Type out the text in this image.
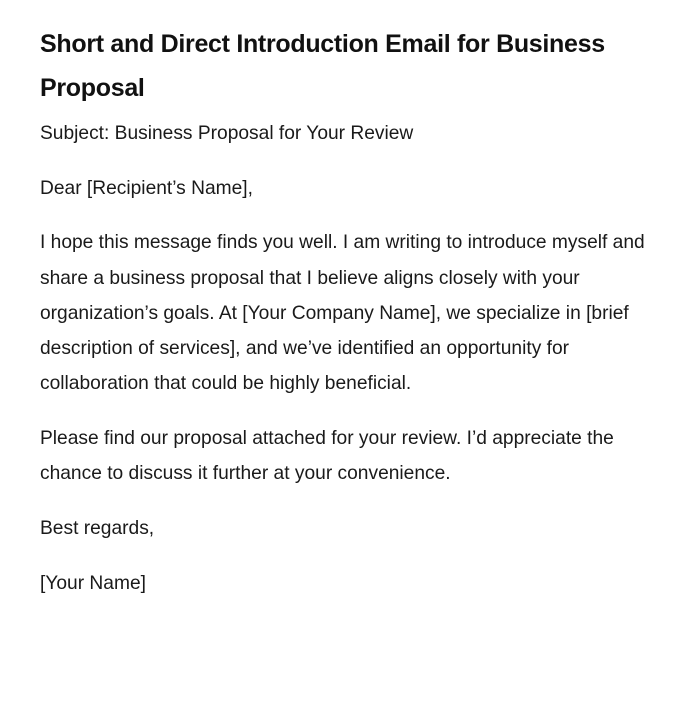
Short and Direct Introduction Email for Business Proposal

Subject: Business Proposal for Your Review

Dear [Recipient’s Name],

I hope this message finds you well. I am writing to introduce myself and share a business proposal that I believe aligns closely with your organization’s goals. At [Your Company Name], we specialize in [brief description of services], and we’ve identified an opportunity for collaboration that could be highly beneficial.

Please find our proposal attached for your review. I’d appreciate the chance to discuss it further at your convenience.

Best regards,

[Your Name]
